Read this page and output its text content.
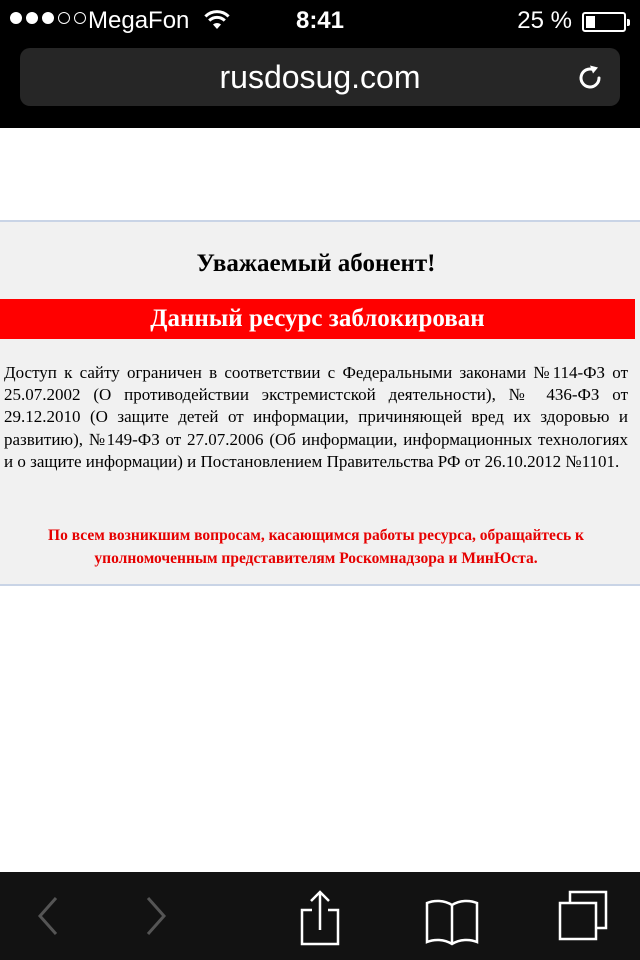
MegaFon	8:41	25 %
rusdosug.com
Уважаемый абонент!
Данный ресурс заблокирован
Доступ к сайту ограничен в соответствии с Федеральными законами №114-ФЗ от 25.07.2002 (О противодействии экстремистской деятельности), № 436-ФЗ от 29.12.2010 (О защите детей от информации, причиняющей вред их здоровью и развитию), №149-ФЗ от 27.07.2006 (Об информации, информационных технологиях и о защите информации) и Постановлением Правительства РФ от 26.10.2012 №1101.
По всем возникшим вопросам, касающимся работы ресурса, обращайтесь к уполномоченным представителям Роскомнадзора и МинЮста.
